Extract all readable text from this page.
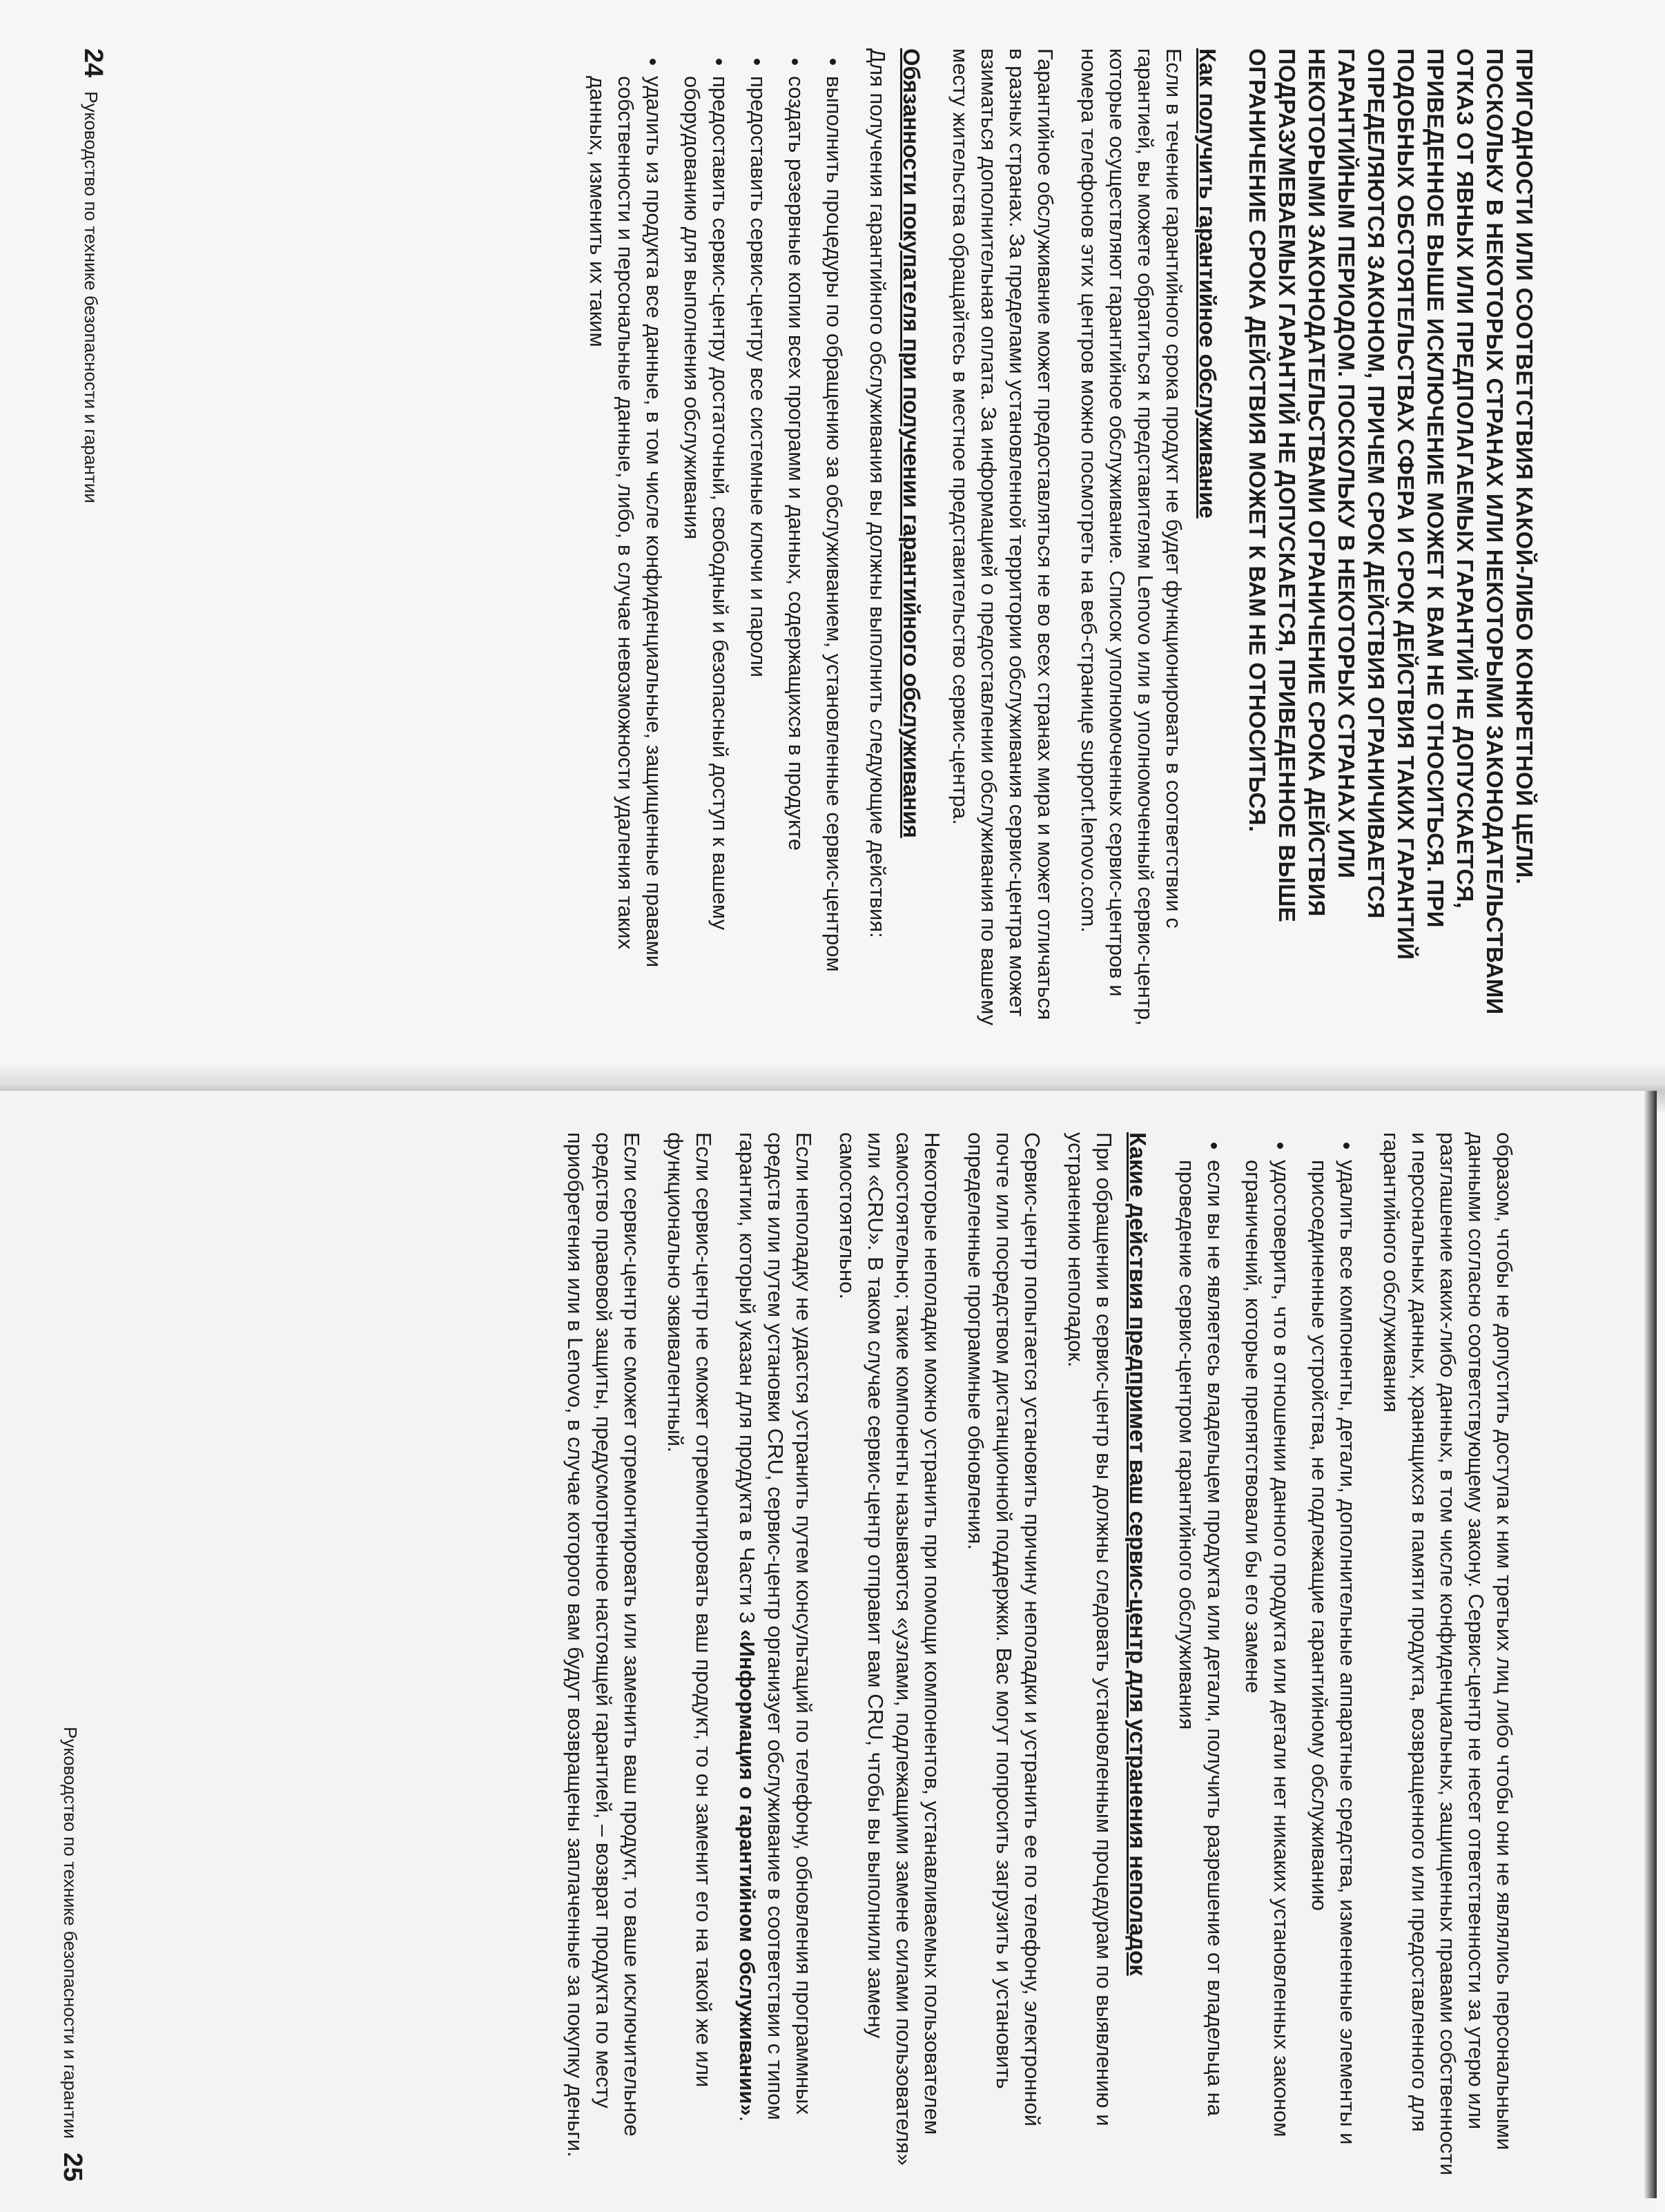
ПРИГОДНОСТИ ИЛИ СООТВЕТСТВИЯ КАКОЙ-ЛИБО КОНКРЕТНОЙ ЦЕЛИ. ПОСКОЛЬКУ В НЕКОТОРЫХ СТРАНАХ ИЛИ НЕКОТОРЫМИ ЗАКОНОДАТЕЛЬСТВАМИ ОТКАЗ ОТ ЯВНЫХ ИЛИ ПРЕДПОЛАГАЕМЫХ ГАРАНТИЙ НЕ ДОПУСКАЕТСЯ, ПРИВЕДЕННОЕ ВЫШЕ ИСКЛЮЧЕНИЕ МОЖЕТ К ВАМ НЕ ОТНОСИТЬСЯ. ПРИ ПОДОБНЫХ ОБСТОЯТЕЛЬСТВАХ СФЕРА И СРОК ДЕЙСТВИЯ ТАКИХ ГАРАНТИЙ ОПРЕДЕЛЯЮТСЯ ЗАКОНОМ, ПРИЧЕМ СРОК ДЕЙСТВИЯ ОГРАНИЧИВАЕТСЯ ГАРАНТИЙНЫМ ПЕРИОДОМ. ПОСКОЛЬКУ В НЕКОТОРЫХ СТРАНАХ ИЛИ НЕКОТОРЫМИ ЗАКОНОДАТЕЛЬСТВАМИ ОГРАНИЧЕНИЕ СРОКА ДЕЙСТВИЯ ПОДРАЗУМЕВАЕМЫХ ГАРАНТИЙ НЕ ДОПУСКАЕТСЯ, ПРИВЕДЕННОЕ ВЫШЕ ОГРАНИЧЕНИЕ СРОКА ДЕЙСТВИЯ МОЖЕТ К ВАМ НЕ ОТНОСИТЬСЯ.

Как получить гарантийное обслуживание

Если в течение гарантийного срока продукт не будет функционировать в соответствии с гарантией, вы можете обратиться к представителям Lenovo или в уполномоченный сервис-центр, которые осуществляют гарантийное обслуживание. Список уполномоченных сервис-центров и номера телефонов этих центров можно посмотреть на веб-странице support.lenovo.com.

Гарантийное обслуживание может предоставляться не во всех странах мира и может отличаться в разных странах. За пределами установленной территории обслуживания сервис-центра может взиматься дополнительная оплата. За информацией о предоставлении обслуживания по вашему месту жительства обращайтесь в местное представительство сервис-центра.

Обязанности покупателя при получении гарантийного обслуживания

Для получения гарантийного обслуживания вы должны выполнить следующие действия:

• выполнить процедуры по обращению за обслуживанием, установленные сервис-центром
• создать резервные копии всех программ и данных, содержащихся в продукте
• предоставить сервис-центру все системные ключи и пароли
• предоставить сервис-центру достаточный, свободный и безопасный доступ к вашему оборудованию для выполнения обслуживания
• удалить из продукта все данные, в том числе конфиденциальные, защищенные правами собственности и персональные данные, либо, в случае невозможности удаления таких данных, изменить их таким
24
Руководство по технике безопасности и гарантии

образом, чтобы не допустить доступа к ним третьих лиц либо чтобы они не являлись персональными данными согласно соответствующему закону. Сервис-центр не несет ответственности за утерю или разглашение каких-либо данных, в том числе конфиденциальных, защищенных правами собственности и персональных данных, хранящихся в памяти продукта, возвращенного или предоставленного для гарантийного обслуживания

• удалить все компоненты, детали, дополнительные аппаратные средства, измененные элементы и присоединенные устройства, не подлежащие гарантийному обслуживанию
• удостоверить, что в отношении данного продукта или детали нет никаких установленных законом ограничений, которые препятствовали бы его замене
• если вы не являетесь владельцем продукта или детали, получить разрешение от владельца на проведение сервис-центром гарантийного обслуживания
Какие действия предпримет ваш сервис-центр для устранения неполадок

При обращении в сервис-центр вы должны следовать установленным процедурам по выявлению и устранению неполадок.

Сервис-центр попытается установить причину неполадки и устранить ее по телефону, электронной почте или посредством дистанционной поддержки. Вас могут попросить загрузить и установить определенные программные обновления.

Некоторые неполадки можно устранить при помощи компонентов, устанавливаемых пользователем самостоятельно; такие компоненты называются «узлами, подлежащими замене силами пользователя» или «CRU». В таком случае сервис-центр отправит вам CRU, чтобы вы выполнили замену самостоятельно.

Если неполадку не удастся устранить путем консультаций по телефону, обновления программных средств или путем установки CRU, сервис-центр организует обслуживание в соответствии с типом гарантии, который указан для продукта в Части 3 «Информация о гарантийном обслуживании».

Если сервис-центр не сможет отремонтировать ваш продукт, то он заменит его на такой же или функционально эквивалентный.

Если сервис-центр не сможет отремонтировать или заменить ваш продукт, то ваше исключительное средство правовой защиты, предусмотренное настоящей гарантией, – возврат продукта по месту приобретения или в Lenovo, в случае которого вам будут возвращены заплаченные за покупку деньги.

Руководство по технике безопасности и гарантии
25
